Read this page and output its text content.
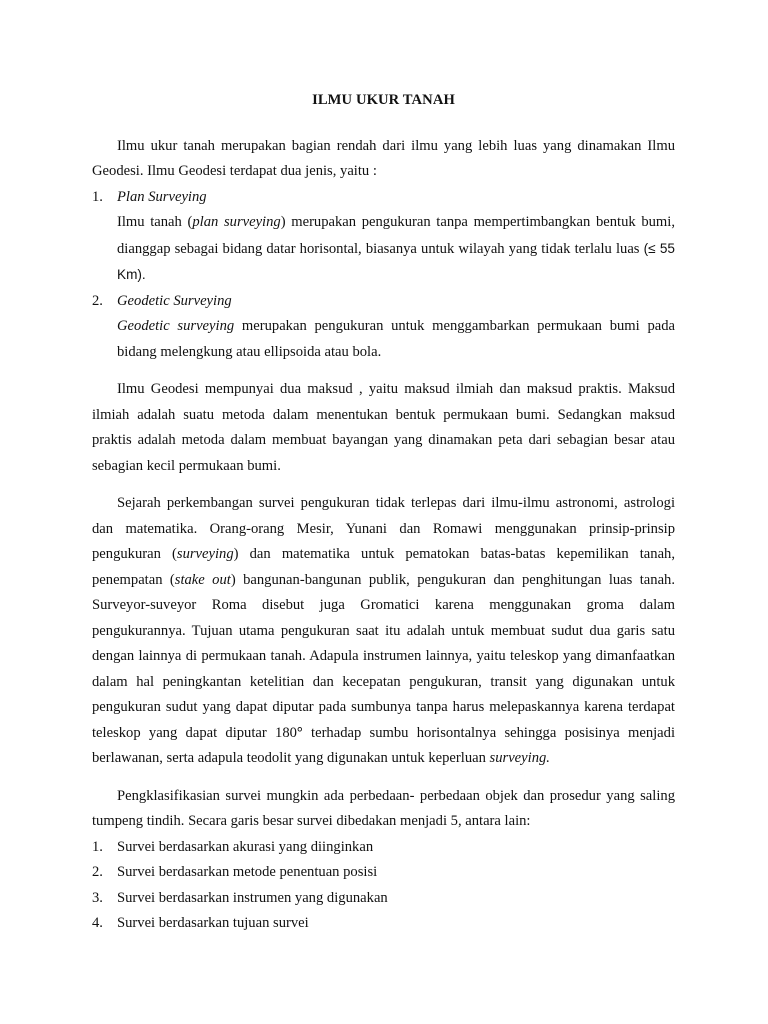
ILMU UKUR TANAH

Ilmu ukur tanah merupakan bagian rendah dari ilmu yang lebih luas yang dinamakan Ilmu Geodesi. Ilmu Geodesi terdapat dua jenis, yaitu :

1. Plan Surveying

Ilmu tanah (plan surveying) merupakan pengukuran tanpa mempertimbangkan bentuk bumi, dianggap sebagai bidang datar horisontal, biasanya untuk wilayah yang tidak terlalu luas (≤ 55 Km).

2. Geodetic Surveying

Geodetic surveying merupakan pengukuran untuk menggambarkan permukaan bumi pada bidang melengkung atau ellipsoida atau bola.

Ilmu Geodesi mempunyai dua maksud , yaitu maksud ilmiah dan maksud praktis. Maksud ilmiah adalah suatu metoda dalam menentukan bentuk permukaan bumi. Sedangkan maksud praktis adalah metoda dalam membuat bayangan yang dinamakan peta dari sebagian besar atau sebagian kecil permukaan bumi.

Sejarah perkembangan survei pengukuran tidak terlepas dari ilmu-ilmu astronomi, astrologi dan matematika. Orang-orang Mesir, Yunani dan Romawi menggunakan prinsip-prinsip pengukuran (surveying) dan matematika untuk pematokan batas-batas kepemilikan tanah, penempatan (stake out) bangunan-bangunan publik, pengukuran dan penghitungan luas tanah. Surveyor-suveyor Roma disebut juga Gromatici karena menggunakan groma dalam pengukurannya. Tujuan utama pengukuran saat itu adalah untuk membuat sudut dua garis satu dengan lainnya di permukaan tanah. Adapula instrumen lainnya, yaitu teleskop yang dimanfaatkan dalam hal peningkantan ketelitian dan kecepatan pengukuran, transit yang digunakan untuk pengukuran sudut yang dapat diputar pada sumbunya tanpa harus melepaskannya karena terdapat teleskop yang dapat diputar 180° terhadap sumbu horisontalnya sehingga posisinya menjadi berlawanan, serta adapula teodolit yang digunakan untuk keperluan surveying.

Pengklasifikasian survei mungkin ada perbedaan- perbedaan objek dan prosedur yang saling tumpeng tindih. Secara garis besar survei dibedakan menjadi 5, antara lain:

1. Survei berdasarkan akurasi yang diinginkan
2. Survei berdasarkan metode penentuan posisi
3. Survei berdasarkan instrumen yang digunakan
4. Survei berdasarkan tujuan survei
